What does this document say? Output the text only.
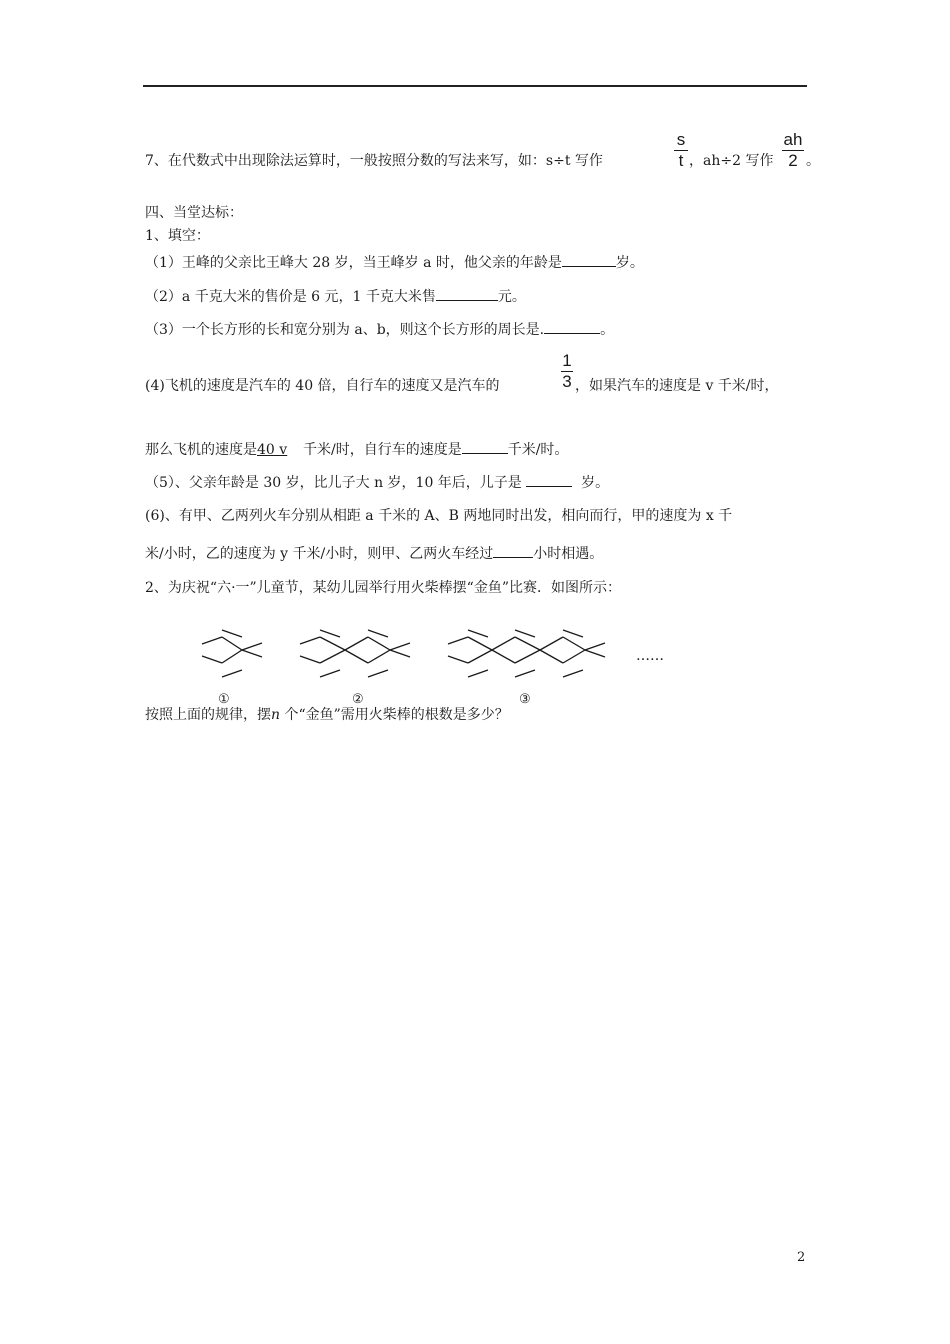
7、在代数式中出现除法运算时，一般按照分数的写法来写，如：s÷t 写作
s
t ，ah÷2 写作
ah
2 。
四、当堂达标：
1、填空：
（1）王峰的父亲比王峰大 28 岁，当王峰岁 a 时，他父亲的年龄是	岁。
（2）a 千克大米的售价是 6 元，1 千克大米售	元。
（3）一个长方形的长和宽分别为 a、b，则这个长方形的周长是.	。
(4)飞机的速度是汽车的 40 倍，自行车的速度又是汽车的
1
3 ，如果汽车的速度是 v 千米/时，
那么飞机的速度是40 v 千米/时，自行车的速度是	千米/时。
（5）、父亲年龄是 30 岁，比儿子大 n 岁，10 年后，儿子是	岁。
(6)、有甲、乙两列火车分别从相距 a 千米的 A、B 两地同时出发，相向而行，甲的速度为 x 千
米/小时，乙的速度为 y 千米/小时，则甲、乙两火车经过	小时相遇。
2、为庆祝“六·一”儿童节，某幼儿园举行用火柴棒摆“金鱼”比赛．如图所示：
……
①	②	③
按照上面的规律，摆n 个“金鱼”需用火柴棒的根数是多少？
2
